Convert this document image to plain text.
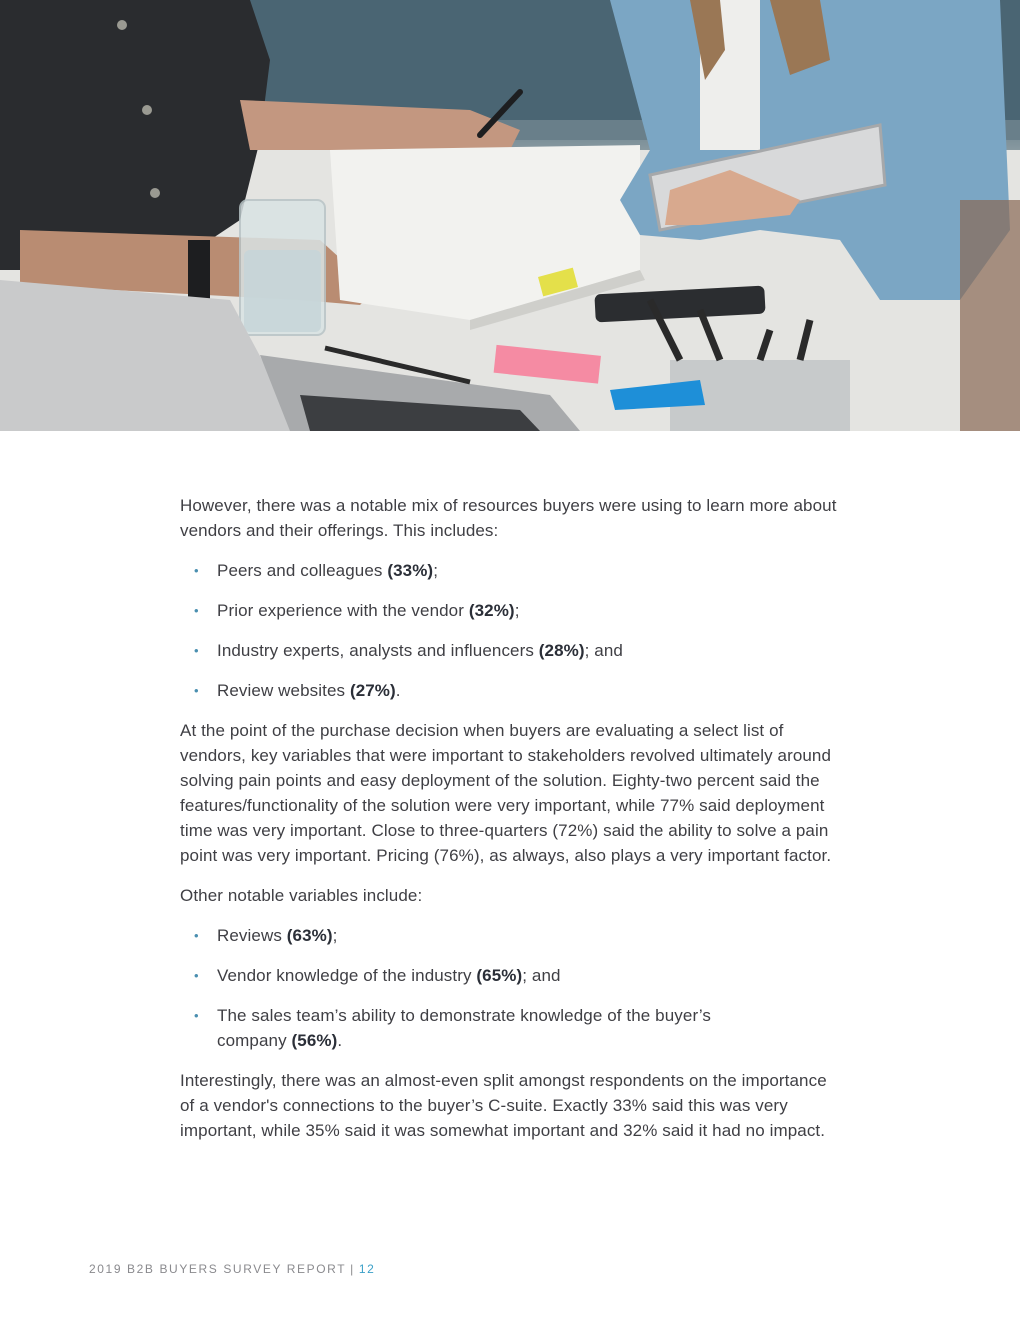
However, there was a notable mix of resources buyers were using to learn more about vendors and their offerings. This includes:

• Peers and colleagues (33%);
• Prior experience with the vendor (32%);
• Industry experts, analysts and influencers (28%); and
• Review websites (27%).

At the point of the purchase decision when buyers are evaluating a select list of vendors, key variables that were important to stakeholders revolved ultimately around solving pain points and easy deployment of the solution. Eighty-two percent said the features/functionality of the solution were very important, while 77% said deployment time was very important. Close to three-quarters (72%) said the ability to solve a pain point was very important. Pricing (76%), as always, also plays a very important factor.

Other notable variables include:

• Reviews (63%);
• Vendor knowledge of the industry (65%); and
• The sales team’s ability to demonstrate knowledge of the buyer’s company (56%).

Interestingly, there was an almost-even split amongst respondents on the importance of a vendor's connections to the buyer’s C-suite. Exactly 33% said this was very important, while 35% said it was somewhat important and 32% said it had no impact.

2019 B2B BUYERS SURVEY REPORT | 12
